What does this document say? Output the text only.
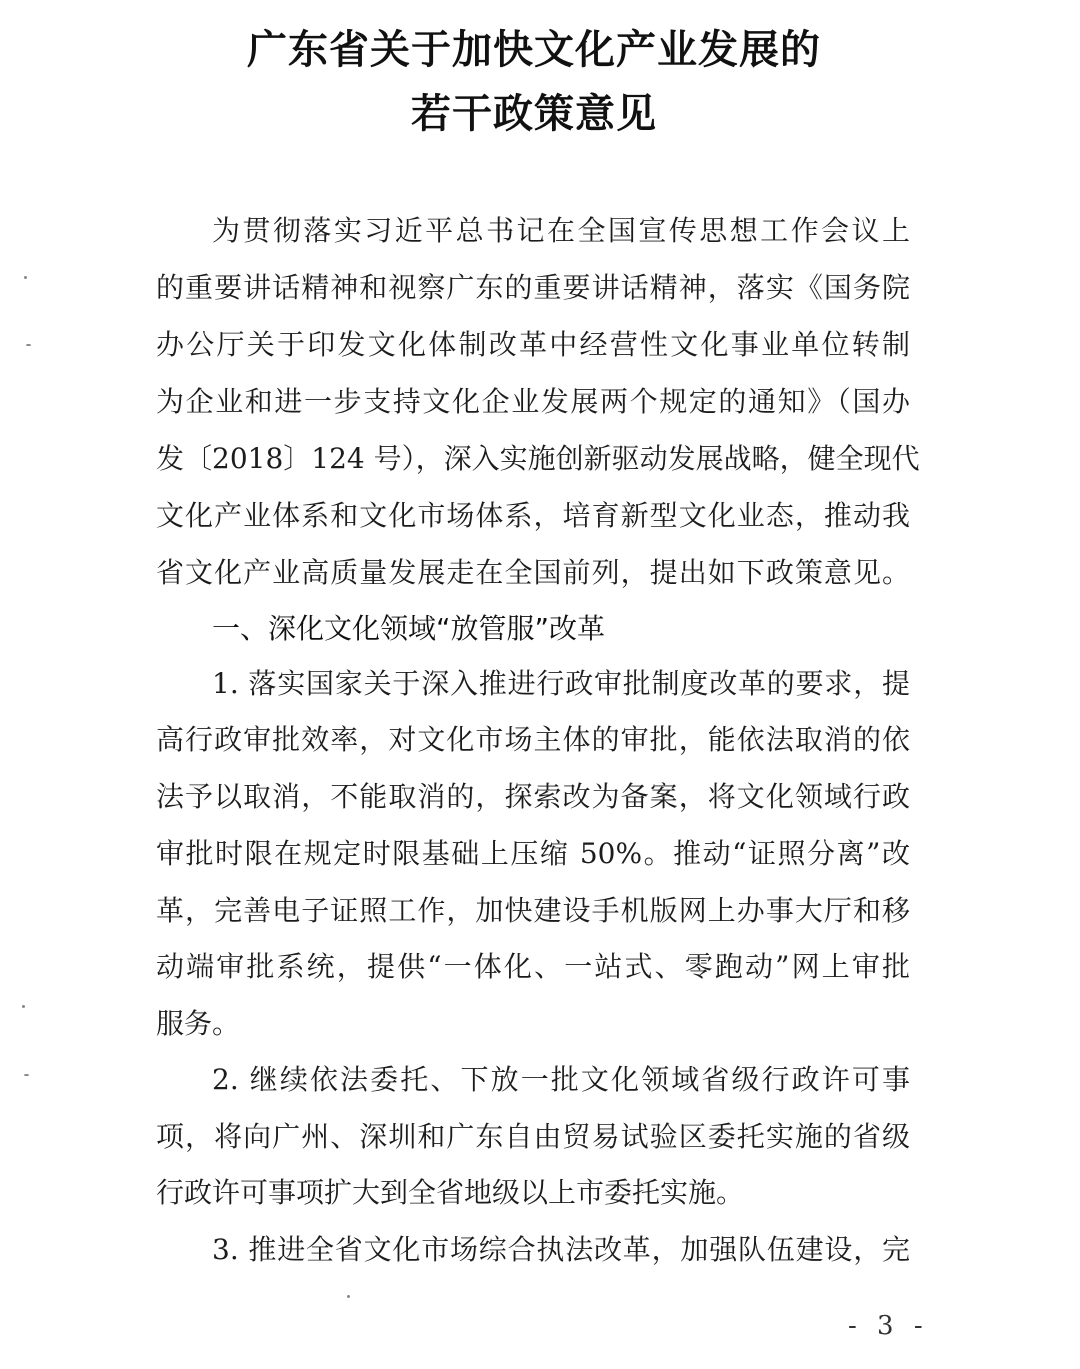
广东省关于加快文化产业发展的
若干政策意见
为贯彻落实习近平总书记在全国宣传思想工作会议上
的重要讲话精神和视察广东的重要讲话精神，落实《国务院
办公厅关于印发文化体制改革中经营性文化事业单位转制
为企业和进一步支持文化企业发展两个规定的通知》（国办
发〔2018〕124 号），深入实施创新驱动发展战略，健全现代
文化产业体系和文化市场体系，培育新型文化业态，推动我
省文化产业高质量发展走在全国前列，提出如下政策意见。
一、深化文化领域“放管服”改革
1. 落实国家关于深入推进行政审批制度改革的要求，提
高行政审批效率，对文化市场主体的审批，能依法取消的依
法予以取消，不能取消的，探索改为备案，将文化领域行政
审批时限在规定时限基础上压缩 50%。推动“证照分离”改
革，完善电子证照工作，加快建设手机版网上办事大厅和移
动端审批系统，提供“一体化、一站式、零跑动”网上审批
服务。
2. 继续依法委托、下放一批文化领域省级行政许可事
项，将向广州、深圳和广东自由贸易试验区委托实施的省级
行政许可事项扩大到全省地级以上市委托实施。
3. 推进全省文化市场综合执法改革，加强队伍建设，完
- 3 -
